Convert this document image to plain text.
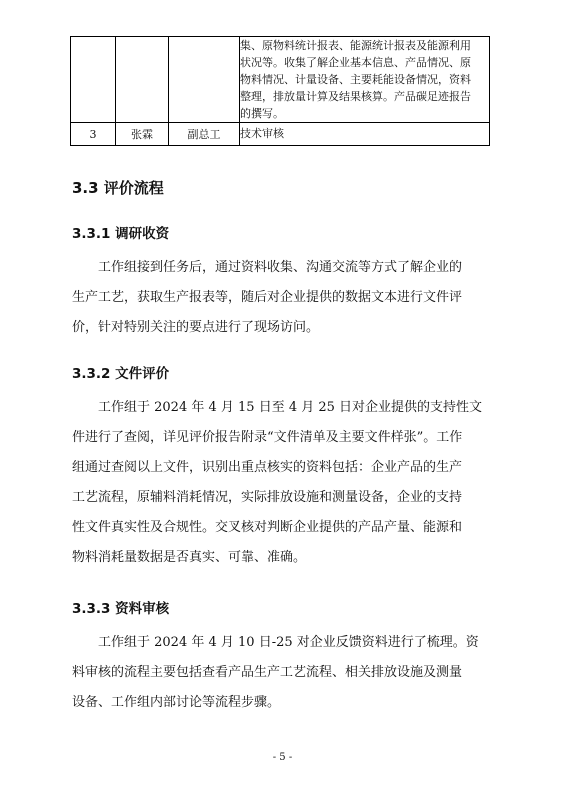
			集、原物料统计报表、能源统计报表及能源利用

状况等。收集了解企业基本信息、产品情况、原

物料情况、计量设备、主要耗能设备情况，资料

整理，排放量计算及结果核算。产品碳足迹报告

的撰写。

3	张霖	副总工	技术审核
3.3 评价流程
3.3.1 调研收资
工作组接到任务后，通过资料收集、沟通交流等方式了解企业的
生产工艺，获取生产报表等，随后对企业提供的数据文本进行文件评
价，针对特别关注的要点进行了现场访问。
3.3.2 文件评价
工作组于 2024 年 4 月 15 日至 4 月 25 日对企业提供的支持性文
件进行了查阅，详见评价报告附录“文件清单及主要文件样张”。工作
组通过查阅以上文件，识别出重点核实的资料包括：企业产品的生产
工艺流程，原辅料消耗情况，实际排放设施和测量设备，企业的支持
性文件真实性及合规性。交叉核对判断企业提供的产品产量、能源和
物料消耗量数据是否真实、可靠、准确。
3.3.3 资料审核
工作组于 2024 年 4 月 10 日-25 对企业反馈资料进行了梳理。资
料审核的流程主要包括查看产品生产工艺流程、相关排放设施及测量
设备、工作组内部讨论等流程步骤。

- 5 -
